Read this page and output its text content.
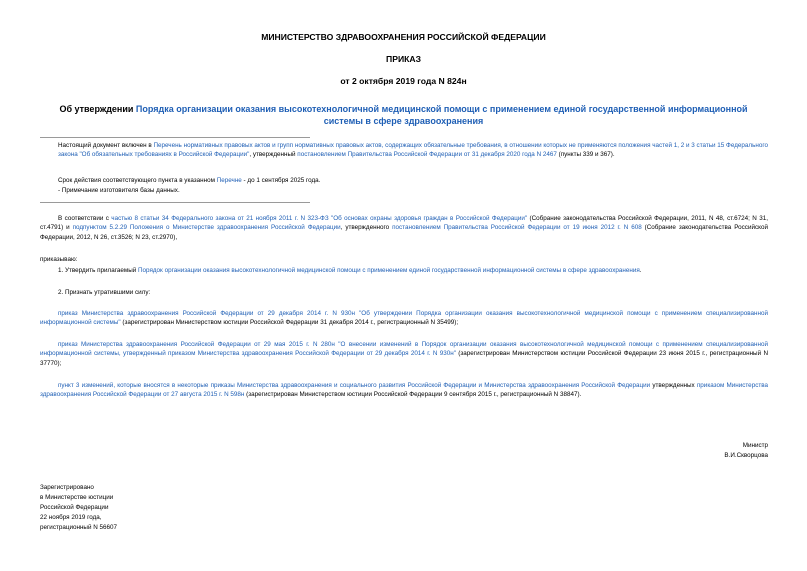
МИНИСТЕРСТВО ЗДРАВООХРАНЕНИЯ РОССИЙСКОЙ ФЕДЕРАЦИИ
ПРИКАЗ
от 2 октября 2019 года N 824н
Об утверждении Порядка организации оказания высокотехнологичной медицинской помощи с применением единой государственной информационной системы в сфере здравоохранения
Настоящий документ включен в Перечень нормативных правовых актов и групп нормативных правовых актов, содержащих обязательные требования, в отношении которых не применяются положения частей 1, 2 и 3 статьи 15 Федерального закона "Об обязательных требованиях в Российской Федерации", утвержденный постановлением Правительства Российской Федерации от 31 декабря 2020 года N 2467 (пункты 339 и 367).
Срок действия соответствующего пункта в указанном Перечне - до 1 сентября 2025 года.
- Примечание изготовителя базы данных.
В соответствии с частью 8 статьи 34 Федерального закона от 21 ноября 2011 г. N 323-ФЗ "Об основах охраны здоровья граждан в Российской Федерации" (Собрание законодательства Российской Федерации, 2011, N 48, ст.6724; N 31, ст.4791) и подпунктом 5.2.29 Положения о Министерстве здравоохранения Российской Федерации, утвержденного постановлением Правительства Российской Федерации от 19 июня 2012 г. N 608 (Собрание законодательства Российской Федерации, 2012, N 26, ст.3526; N 23, ст.2970),
приказываю:
1. Утвердить прилагаемый Порядок организации оказания высокотехнологичной медицинской помощи с применением единой государственной информационной системы в сфере здравоохранения.
2. Признать утратившими силу:
приказ Министерства здравоохранения Российской Федерации от 29 декабря 2014 г. N 930н "Об утверждении Порядка организации оказания высокотехнологичной медицинской помощи с применением специализированной информационной системы" (зарегистрирован Министерством юстиции Российской Федерации 31 декабря 2014 г., регистрационный N 35499);
приказ Министерства здравоохранения Российской Федерации от 29 мая 2015 г. N 280н "О внесении изменений в Порядок организации оказания высокотехнологичной медицинской помощи с применением специализированной информационной системы, утвержденный приказом Министерства здравоохранения Российской Федерации от 29 декабря 2014 г. N 930н" (зарегистрирован Министерством юстиции Российской Федерации 23 июня 2015 г., регистрационный N 37770);
пункт 3 изменений, которые вносятся в некоторые приказы Министерства здравоохранения и социального развития Российской Федерации и Министерства здравоохранения Российской Федерации утвержденных приказом Министерства здравоохранения Российской Федерации от 27 августа 2015 г. N 598н (зарегистрирован Министерством юстиции Российской Федерации 9 сентября 2015 г., регистрационный N 38847).
Министр
В.И.Скворцова
Зарегистрировано
в Министерстве юстиции
Российской Федерации
22 ноября 2019 года,
регистрационный N 56607
